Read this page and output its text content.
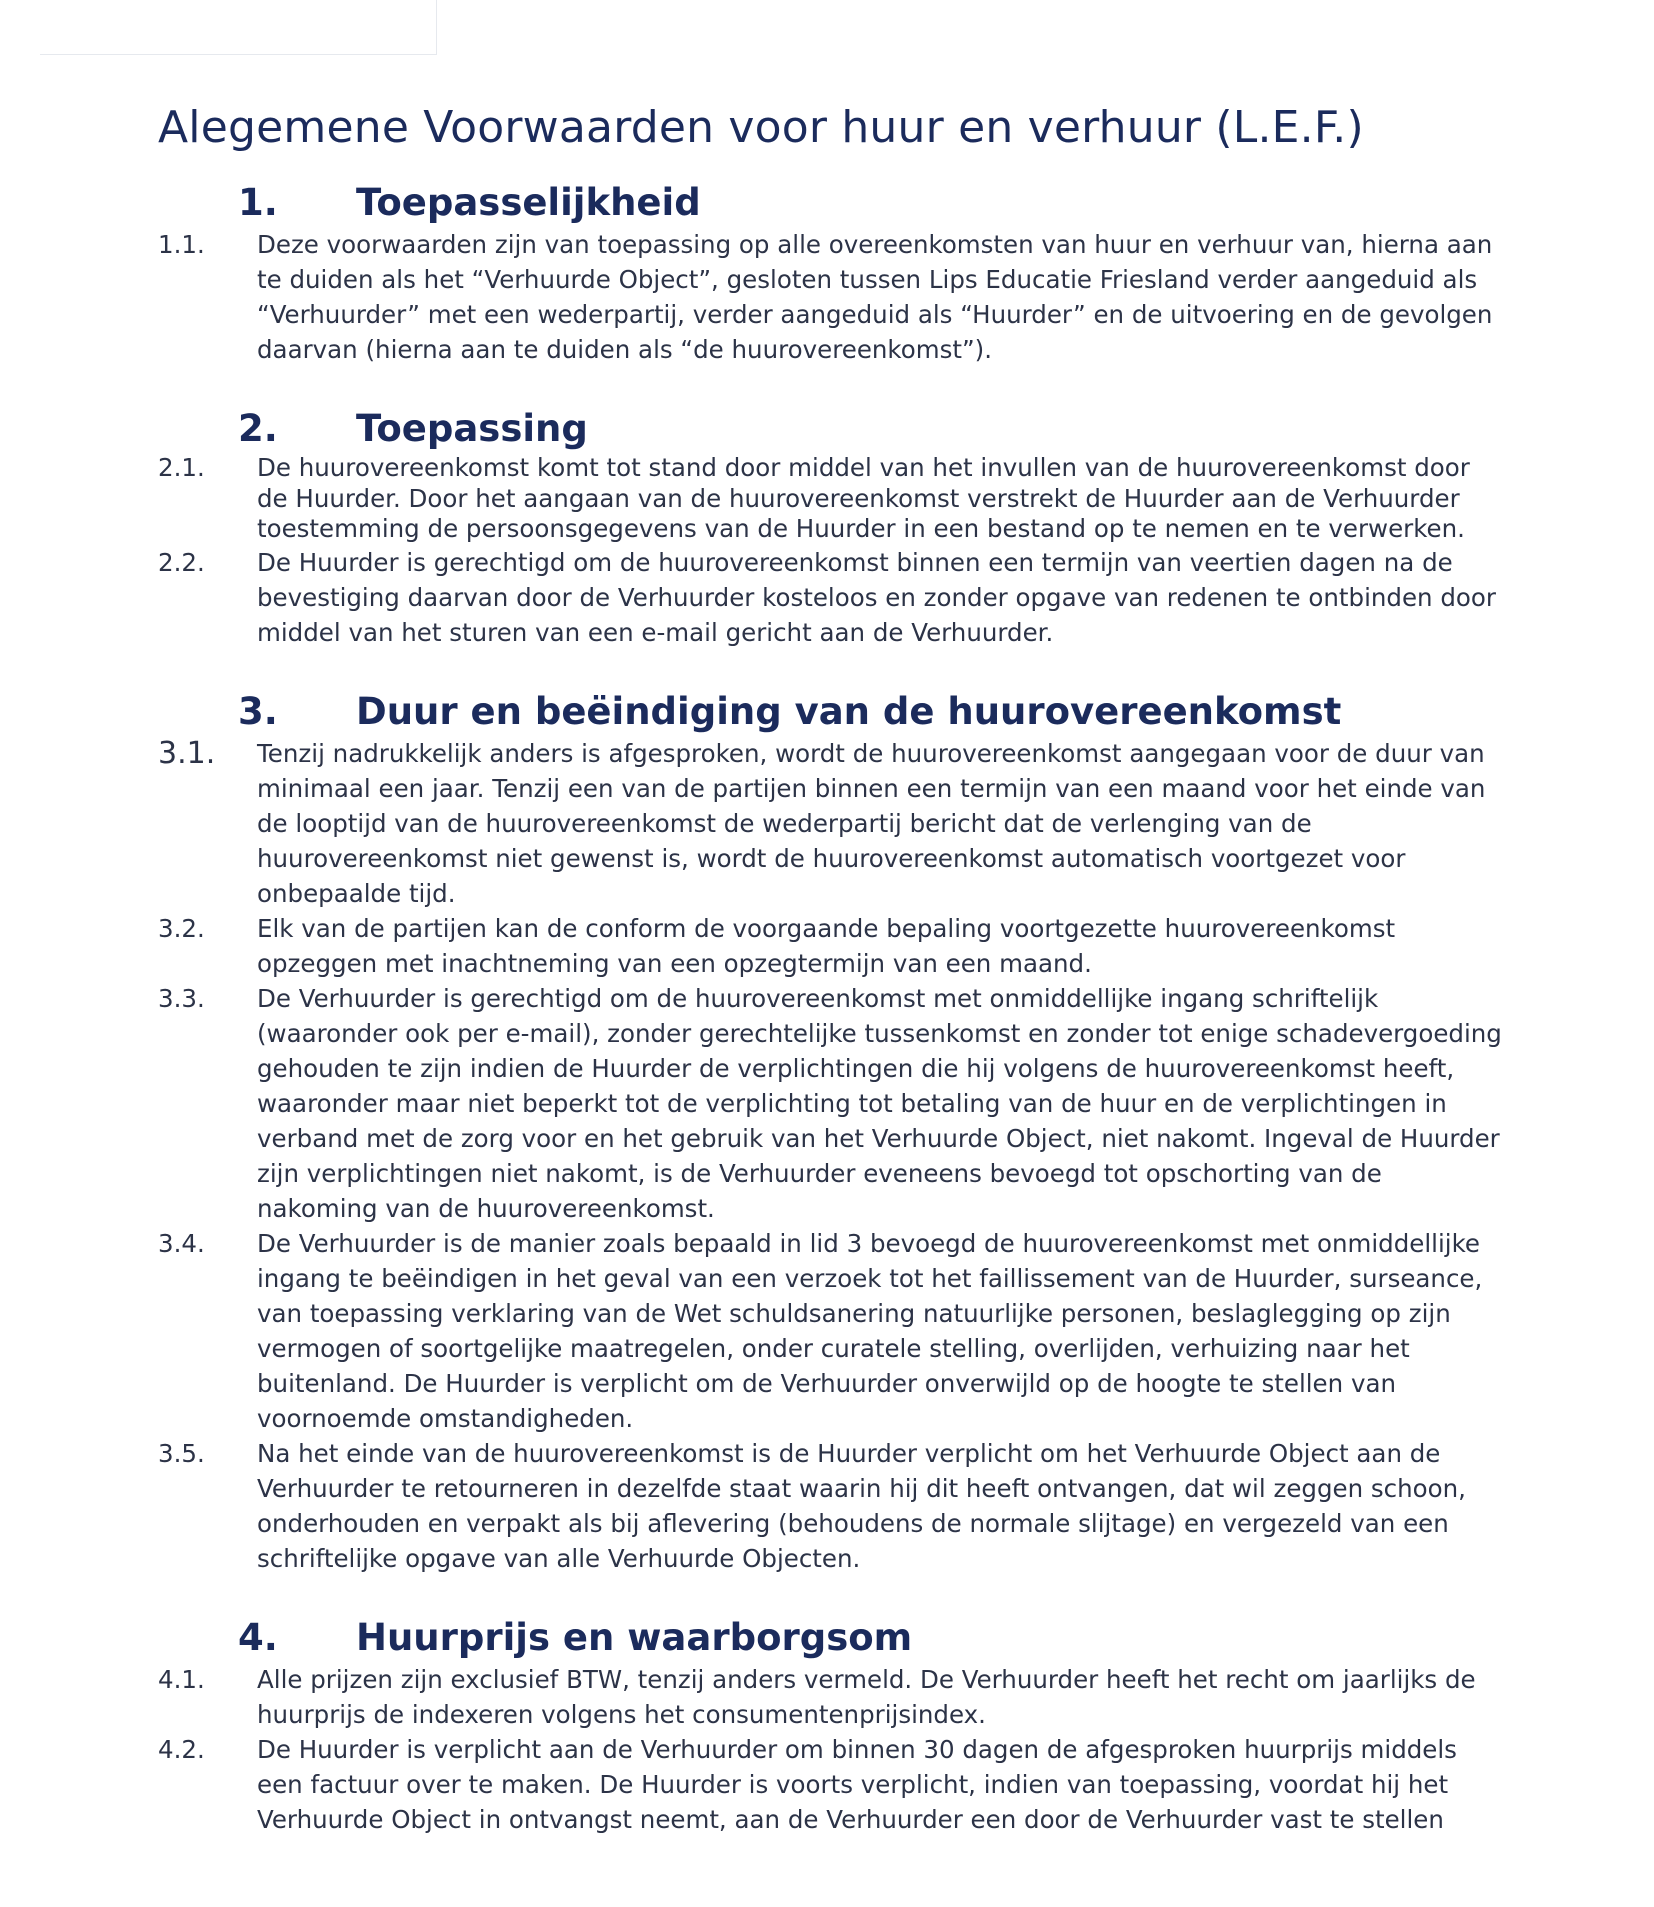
Alegemene Voorwaarden voor huur en verhuur (L.E.F.)
1.	Toepasselijkheid
1.1.	Deze voorwaarden zijn van toepassing op alle overeenkomsten van huur en verhuur van, hierna aan te duiden als het “Verhuurde Object”, gesloten tussen Lips Educatie Friesland verder aangeduid als “Verhuurder” met een wederpartij, verder aangeduid als “Huurder” en de uitvoering en de gevolgen daarvan (hierna aan te duiden als “de huurovereenkomst”).
2.	Toepassing
2.1.	De huurovereenkomst komt tot stand door middel van het invullen van de huurovereenkomst door de Huurder. Door het aangaan van de huurovereenkomst verstrekt de Huurder aan de Verhuurder toestemming de persoonsgegevens van de Huurder in een bestand op te nemen en te verwerken.
2.2.	De Huurder is gerechtigd om de huurovereenkomst binnen een termijn van veertien dagen na de bevestiging daarvan door de Verhuurder kosteloos en zonder opgave van redenen te ontbinden door middel van het sturen van een e-mail gericht aan de Verhuurder.
3.	Duur en beëindiging van de huurovereenkomst
3.1.	Tenzij nadrukkelijk anders is afgesproken, wordt de huurovereenkomst aangegaan voor de duur van minimaal een jaar. Tenzij een van de partijen binnen een termijn van een maand voor het einde van de looptijd van de huurovereenkomst de wederpartij bericht dat de verlenging van de huurovereenkomst niet gewenst is, wordt de huurovereenkomst automatisch voortgezet voor onbepaalde tijd.
3.2.	Elk van de partijen kan de conform de voorgaande bepaling voortgezette huurovereenkomst opzeggen met inachtneming van een opzegtermijn van een maand.
3.3.	De Verhuurder is gerechtigd om de huurovereenkomst met onmiddellijke ingang schriftelijk (waaronder ook per e-mail), zonder gerechtelijke tussenkomst en zonder tot enige schadevergoeding gehouden te zijn indien de Huurder de verplichtingen die hij volgens de huurovereenkomst heeft, waaronder maar niet beperkt tot de verplichting tot betaling van de huur en de verplichtingen in verband met de zorg voor en het gebruik van het Verhuurde Object, niet nakomt. Ingeval de Huurder zijn verplichtingen niet nakomt, is de Verhuurder eveneens bevoegd tot opschorting van de nakoming van de huurovereenkomst.
3.4.	De Verhuurder is de manier zoals bepaald in lid 3 bevoegd de huurovereenkomst met onmiddellijke ingang te beëindigen in het geval van een verzoek tot het faillissement van de Huurder, surseance, van toepassing verklaring van de Wet schuldsanering natuurlijke personen, beslaglegging op zijn vermogen of soortgelijke maatregelen, onder curatele stelling, overlijden, verhuizing naar het buitenland. De Huurder is verplicht om de Verhuurder onverwijld op de hoogte te stellen van voornoemde omstandigheden.
3.5.	Na het einde van de huurovereenkomst is de Huurder verplicht om het Verhuurde Object aan de Verhuurder te retourneren in dezelfde staat waarin hij dit heeft ontvangen, dat wil zeggen schoon, onderhouden en verpakt als bij aflevering (behoudens de normale slijtage) en vergezeld van een schriftelijke opgave van alle Verhuurde Objecten.
4.	Huurprijs en waarborgsom
4.1.	Alle prijzen zijn exclusief BTW, tenzij anders vermeld. De Verhuurder heeft het recht om jaarlijks de huurprijs de indexeren volgens het consumentenprijsindex.
4.2.	De Huurder is verplicht aan de Verhuurder om binnen 30 dagen de afgesproken huurprijs middels een factuur over te maken. De Huurder is voorts verplicht, indien van toepassing, voordat hij het Verhuurde Object in ontvangst neemt, aan de Verhuurder een door de Verhuurder vast te stellen
